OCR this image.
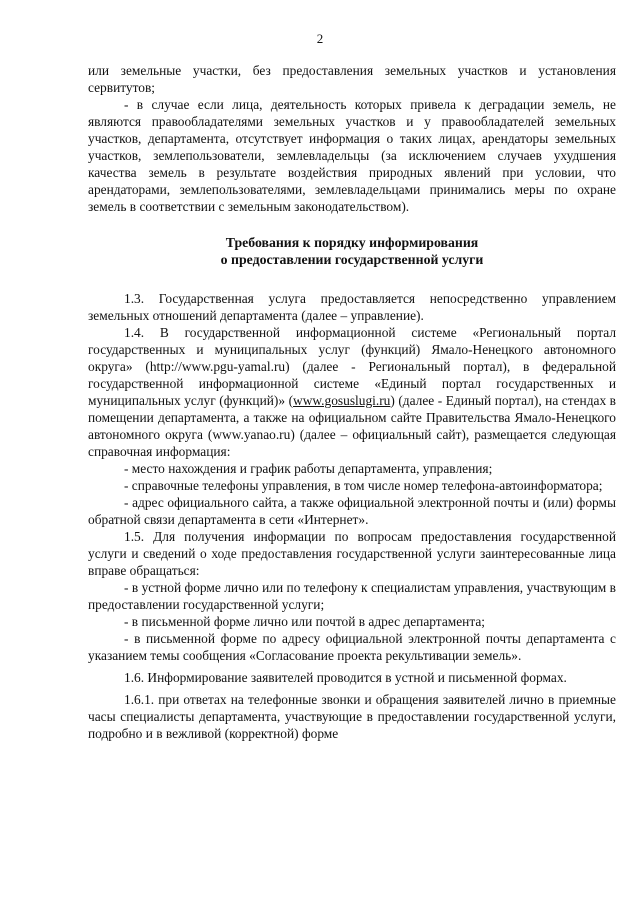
2

или земельные участки, без предоставления земельных участков и установления сервитутов;

- в случае если лица, деятельность которых привела к деградации земель, не являются правообладателями земельных участков и у правообладателей земельных участков, департамента, отсутствует информация о таких лицах, арендаторы земельных участков, землепользователи, землевладельцы (за исключением случаев ухудшения качества земель в результате воздействия природных явлений при условии, что арендаторами, землепользователями, землевладельцами принимались меры по охране земель в соответствии с земельным законодательством).

Требования к порядку информирования
о предоставлении государственной услуги

1.3. Государственная услуга предоставляется непосредственно управлением земельных отношений департамента (далее – управление).

1.4. В государственной информационной системе «Региональный портал государственных и муниципальных услуг (функций) Ямало-Ненецкого автономного округа» (http://www.pgu-yamal.ru) (далее - Региональный портал), в федеральной государственной информационной системе «Единый портал государственных и муниципальных услуг (функций)» (www.gosuslugi.ru) (далее - Единый портал), на стендах в помещении департамента, а также на официальном сайте Правительства Ямало-Ненецкого автономного округа (www.yanao.ru) (далее – официальный сайт), размещается следующая справочная информация:

- место нахождения и график работы департамента, управления;

- справочные телефоны управления, в том числе номер телефона-автоинформатора;

- адрес официального сайта, а также официальной электронной почты и (или) формы обратной связи департамента в сети «Интернет».

1.5. Для получения информации по вопросам предоставления государственной услуги и сведений о ходе предоставления государственной услуги заинтересованные лица вправе обращаться:

- в устной форме лично или по телефону к специалистам управления, участвующим в предоставлении государственной услуги;

- в письменной форме лично или почтой в адрес департамента;

- в письменной форме по адресу официальной электронной почты департамента с указанием темы сообщения «Согласование проекта рекультивации земель».

1.6. Информирование заявителей проводится в устной и письменной формах.

1.6.1. при ответах на телефонные звонки и обращения заявителей лично в приемные часы специалисты департамента, участвующие в предоставлении государственной услуги, подробно и в вежливой (корректной) форме
